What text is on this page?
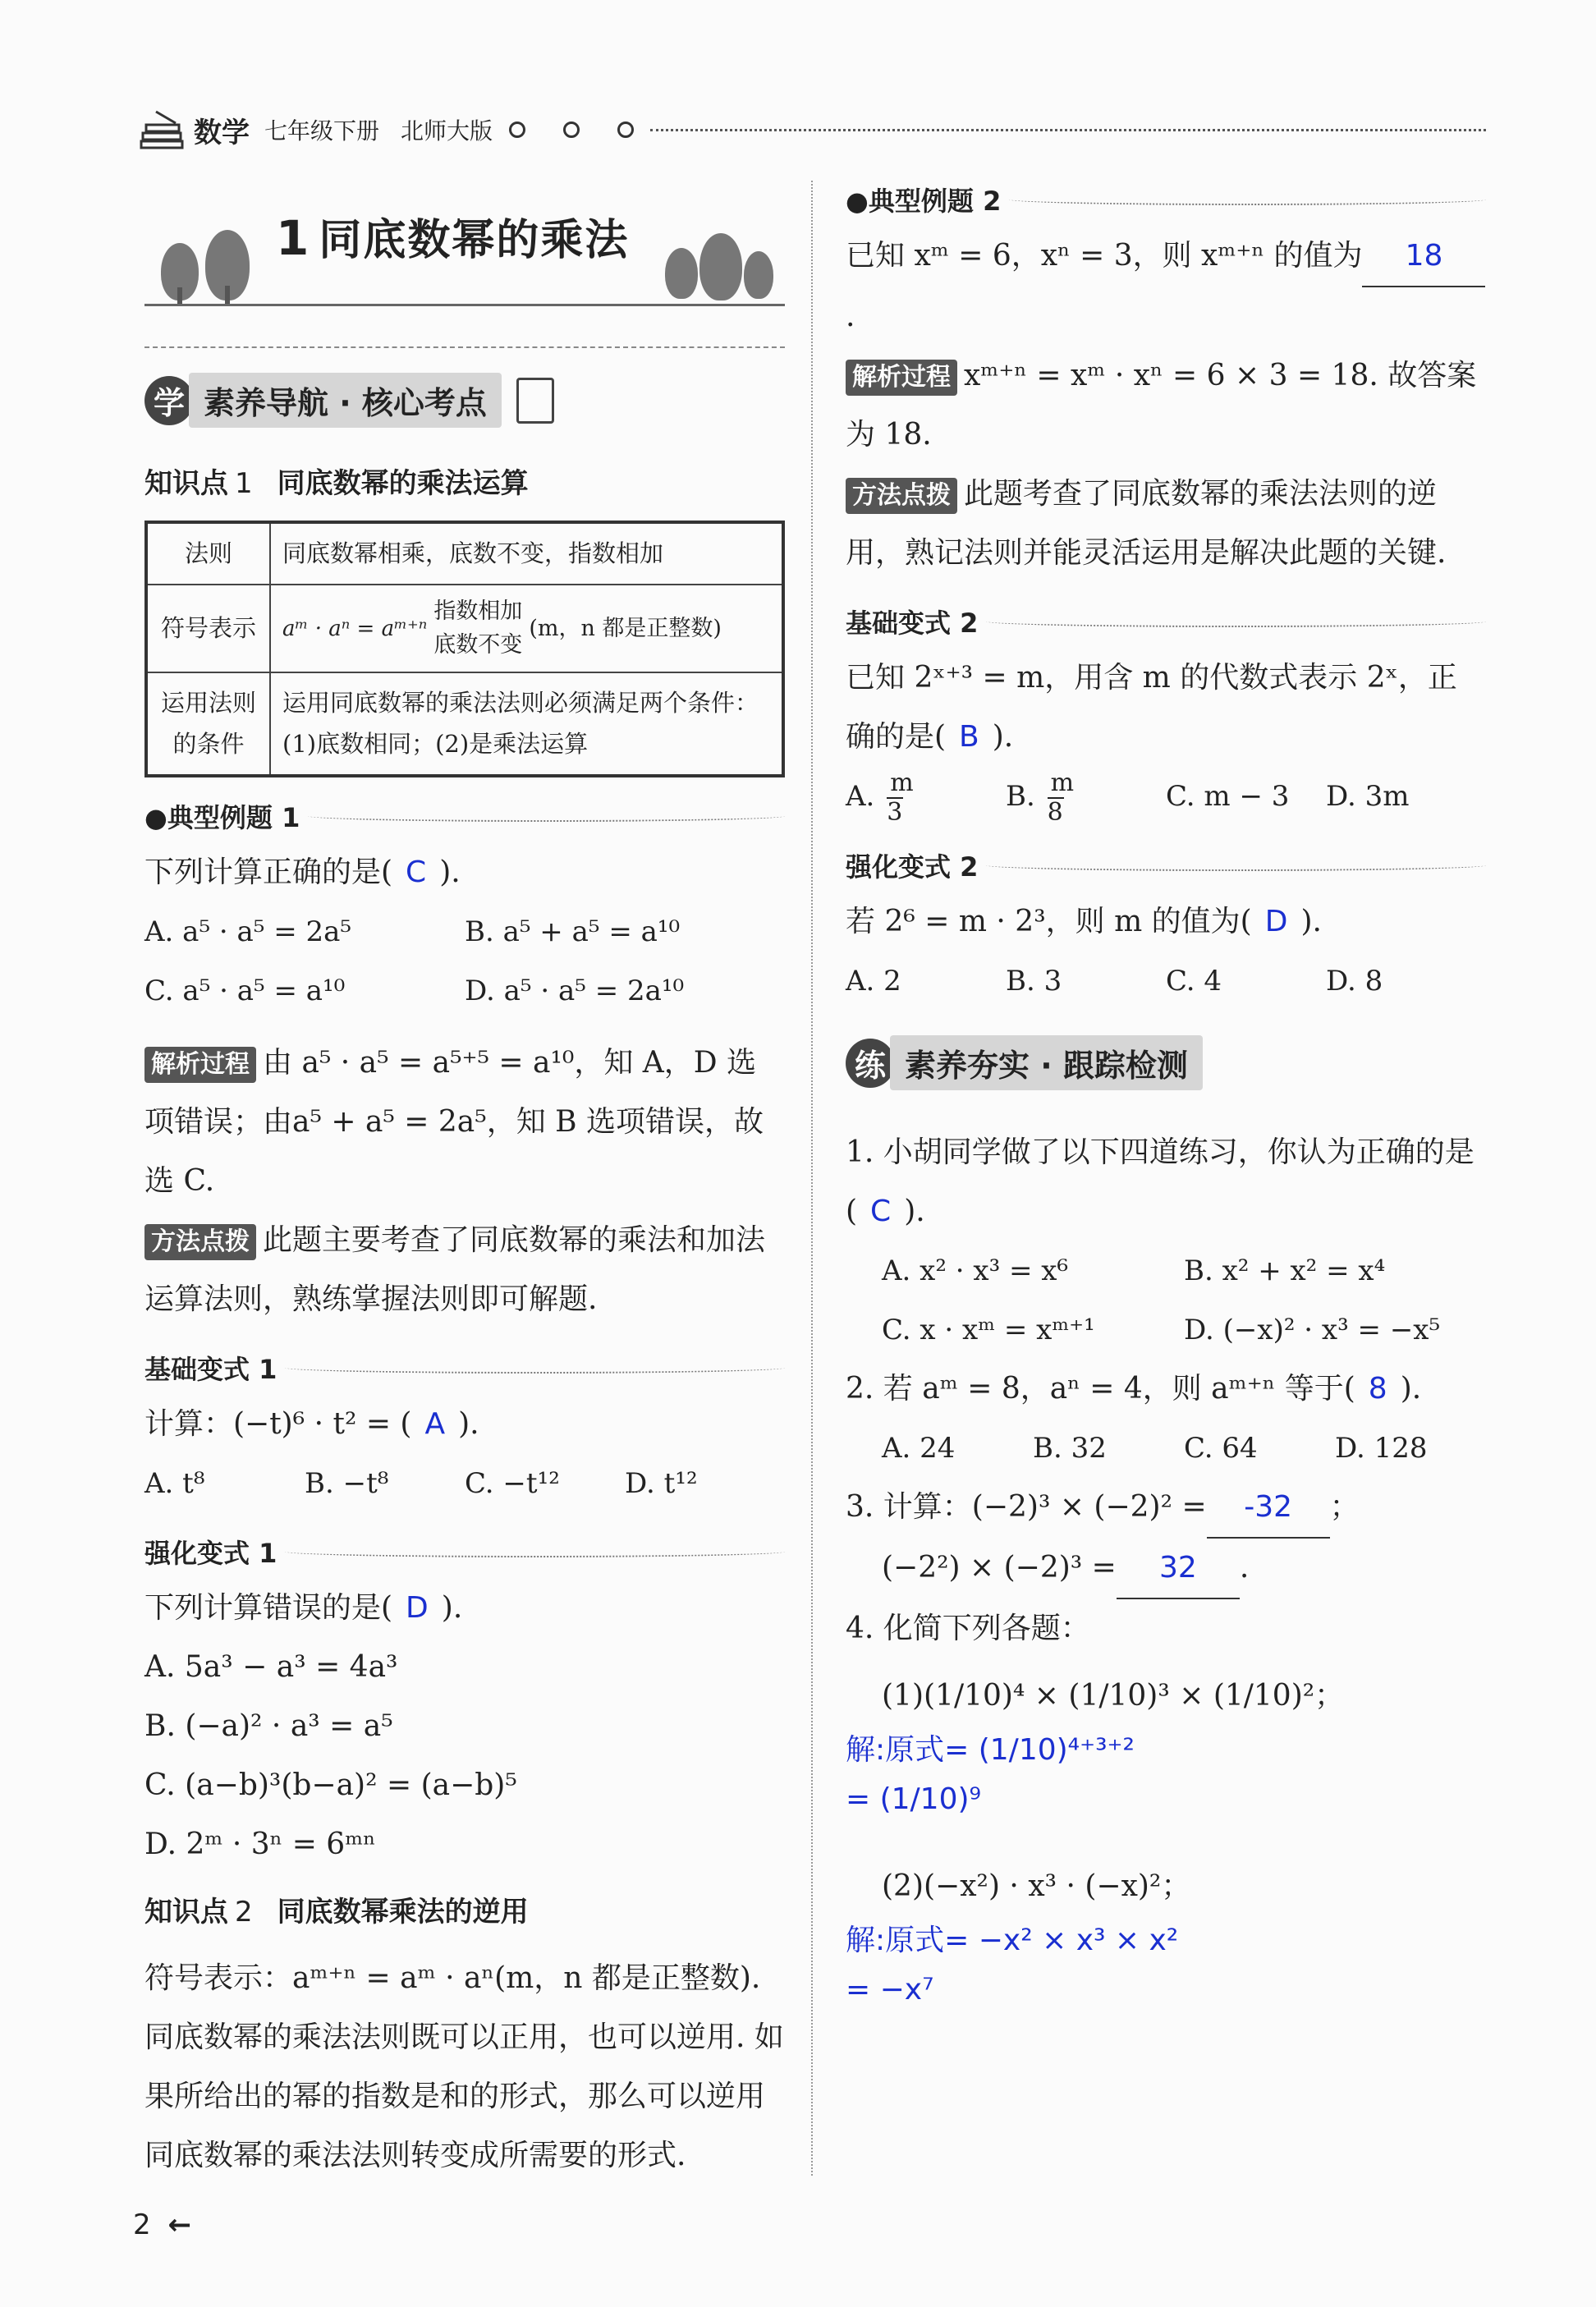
数学 七年级下册 北师大版
1 同底数幂的乘法
学 素养导航 · 核心考点
知识点 1 同底数幂的乘法运算
法则	同底数幂相乘，底数不变，指数相加
符号表示	aᵐ · aⁿ = aᵐ⁺ⁿ
指数相加
底数不变
(m，n 都是正整数)

运用法则的条件	运用同底数幂的乘法法则必须满足两个条件：(1)底数相同；(2)是乘法运算
●典型例题 1
下列计算正确的是( C ).
A. a⁵ · a⁵ = 2a⁵	B. a⁵ + a⁵ = a¹⁰
C. a⁵ · a⁵ = a¹⁰	D. a⁵ · a⁵ = 2a¹⁰
解析过程 由 a⁵ · a⁵ = a⁵⁺⁵ = a¹⁰，知 A，D 选项错误；由a⁵ + a⁵ = 2a⁵，知 B 选项错误，故选 C.
方法点拨 此题主要考查了同底数幂的乘法和加法运算法则，熟练掌握法则即可解题.
基础变式 1
计算：(−t)⁶ · t² = ( A ).
A. t⁸	B. −t⁸	C. −t¹²	D. t¹²
强化变式 1
下列计算错误的是( D ).
A. 5a³ − a³ = 4a³
B. (−a)² · a³ = a⁵
C. (a−b)³(b−a)² = (a−b)⁵
D. 2ᵐ · 3ⁿ = 6ᵐⁿ
知识点 2 同底数幂乘法的逆用
符号表示：aᵐ⁺ⁿ = aᵐ · aⁿ(m，n 都是正整数).
同底数幂的乘法法则既可以正用，也可以逆用. 如果所给出的幂的指数是和的形式，那么可以逆用同底数幂的乘法法则转变成所需要的形式.
●典型例题 2
已知 xᵐ = 6，xⁿ = 3，则 xᵐ⁺ⁿ 的值为 18.
解析过程 xᵐ⁺ⁿ = xᵐ · xⁿ = 6 × 3 = 18. 故答案为 18.
方法点拨 此题考查了同底数幂的乘法法则的逆用，熟记法则并能灵活运用是解决此题的关键.
基础变式 2
已知 2ˣ⁺³ = m，用含 m 的代数式表示 2ˣ，正确的是( B ).
A. $\frac{m}{3}$	B. $\frac{m}{8}$	C. m − 3	D. 3m
强化变式 2
若 2⁶ = m · 2³，则 m 的值为( D ).
A. 2	B. 3	C. 4	D. 8
练 素养夯实 · 跟踪检测
1. 小胡同学做了以下四道练习，你认为正确的是( C ).
A. x² · x³ = x⁶	B. x² + x² = x⁴
C. x · xᵐ = xᵐ⁺¹	D. (−x)² · x³ = −x⁵
2. 若 aᵐ = 8，aⁿ = 4，则 aᵐ⁺ⁿ 等于( 8 ).
A. 24	B. 32	C. 64	D. 128
3. 计算：(−2)³ × (−2)² = -32 ；
(−2²) × (−2)³ = 32 .
4. 化简下列各题：
(1)(1/10)⁴ × (1/10)³ × (1/10)²；
解:原式= (1/10)⁴⁺³⁺²
= (1/10)⁹
(2)(−x²) · x³ · (−x)²；
解:原式= −x² × x³ × x²
= −x⁷
2 ←
